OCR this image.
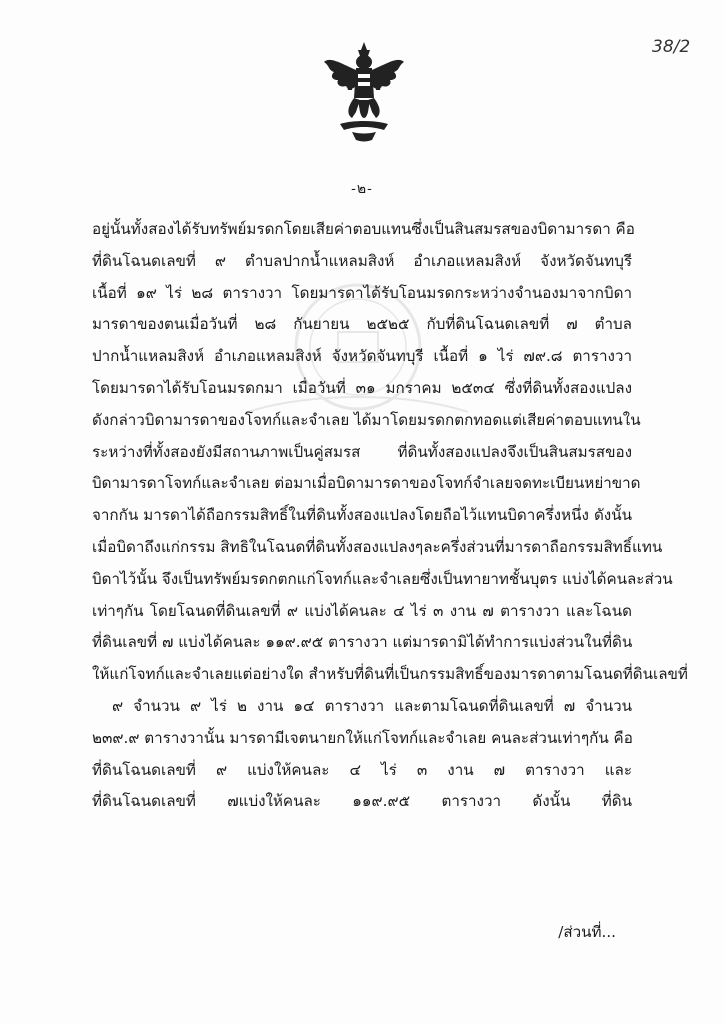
38/2
-๒-
อยู่นั้นทั้งสองได้รับทรัพย์มรดกโดยเสียค่าตอบแทนซึ่งเป็นสินสมรสของบิดามารดา คือ
ที่ดินโฉนดเลขที่ ๙ ตำบลปากน้ำแหลมสิงห์ อำเภอแหลมสิงห์ จังหวัดจันทบุรี
เนื้อที่ ๑๙ ไร่ ๒๘ ตารางวา โดยมารดาได้รับโอนมรดกระหว่างจำนองมาจากบิดา
มารดาของตนเมื่อวันที่ ๒๘ กันยายน ๒๕๒๕ กับที่ดินโฉนดเลขที่ ๗ ตำบล
ปากน้ำแหลมสิงห์ อำเภอแหลมสิงห์ จังหวัดจันทบุรี เนื้อที่ ๑ ไร่ ๗๙.๘ ตารางวา
โดยมารดาได้รับโอนมรดกมา เมื่อวันที่ ๓๑ มกราคม ๒๕๓๔ ซึ่งที่ดินทั้งสองแปลง
ดังกล่าวบิดามารดาของโจทก์และจำเลย ได้มาโดยมรดกตกทอดแต่เสียค่าตอบแทนใน
ระหว่างที่ทั้งสองยังมีสถานภาพเป็นคู่สมรส ที่ดินทั้งสองแปลงจึงเป็นสินสมรสของ
บิดามารดาโจทก์และจำเลย ต่อมาเมื่อบิดามารดาของโจทก์จำเลยจดทะเบียนหย่าขาด
จากกัน มารดาได้ถือกรรมสิทธิ์ในที่ดินทั้งสองแปลงโดยถือไว้แทนบิดาครึ่งหนึ่ง ดังนั้น
เมื่อบิดาถึงแก่กรรม สิทธิในโฉนดที่ดินทั้งสองแปลงๆละครึ่งส่วนที่มารดาถือกรรมสิทธิ์แทน
บิดาไว้นั้น จึงเป็นทรัพย์มรดกตกแก่โจทก์และจำเลยซึ่งเป็นทายาทชั้นบุตร แบ่งได้คนละส่วน
เท่าๆกัน โดยโฉนดที่ดินเลขที่ ๙ แบ่งได้คนละ ๔ ไร่ ๓ งาน ๗ ตารางวา และโฉนด
ที่ดินเลขที่ ๗ แบ่งได้คนละ ๑๑๙.๙๕ ตารางวา แต่มารดามิได้ทำการแบ่งส่วนในที่ดิน
ให้แก่โจทก์และจำเลยแต่อย่างใด สำหรับที่ดินที่เป็นกรรมสิทธิ์ของมารดาตามโฉนดที่ดินเลขที่
๙ จำนวน ๙ ไร่ ๒ งาน ๑๔ ตารางวา และตามโฉนดที่ดินเลขที่ ๗ จำนวน
๒๓๙.๙ ตารางวานั้น มารดามีเจตนายกให้แก่โจทก์และจำเลย คนละส่วนเท่าๆกัน คือ
ที่ดินโฉนดเลขที่ ๙ แบ่งให้คนละ ๔ ไร่ ๓ งาน ๗ ตารางวา และ
ที่ดินโฉนดเลขที่ ๗แบ่งให้คนละ ๑๑๙.๙๕ ตารางวา ดังนั้น ที่ดิน
/ส่วนที่...
